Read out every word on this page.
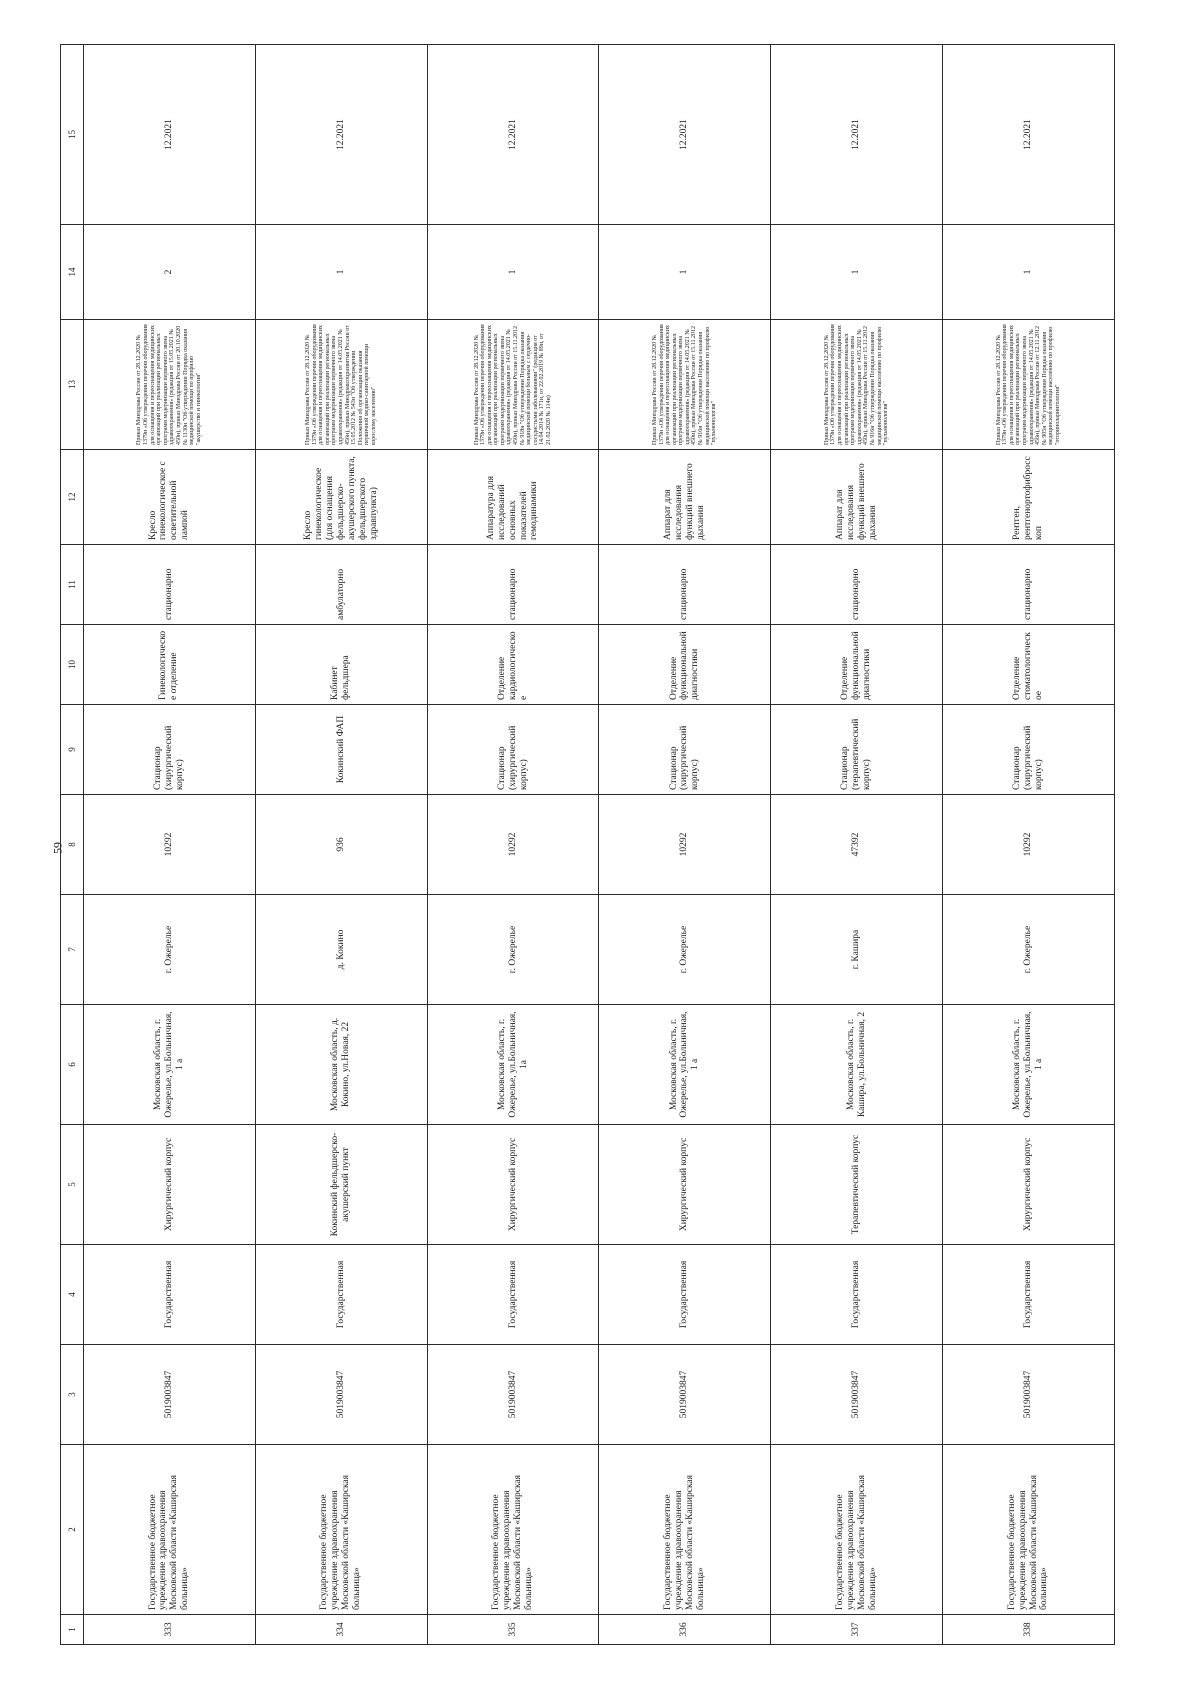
59
1	2	3	4	5	6	7	8	9	10	11	12	13	14	15
333	Государственное бюджетное учреждение здравоохранения Московской области «Каширская больница»	5019003847	Государственная	Хирургический корпус	Московская область, г. Ожерелье, ул.Больничная, 1 а	г. Ожерелье	10292	Стационар (хирургический корпус)	Гинекологическое отделение	стационарно	Кресло гинекологическое с осветительной лампой	Приказ Минздрава России от 28.12.2020 № 1379н «Об утверждении перечня оборудования для оснащения и переоснащения медицинских организаций при реализации региональных программ модернизации первичного звена здравоохранения» (редакция от 15.05.2021 № 450н), приказ Минздрава России от 20.10.2020 № 1130н "Об утверждении Порядка оказания медицинской помощи по профилю "акушерство и гинекология"	2	12.2021
334	Государственное бюджетное учреждение здравоохранения Московской области «Каширская больница»	5019003847	Государственная	Кокинский фельдшерско-акушерский пункт	Московская область, д. Кокино, ул.Новая, 22	д. Кокино	936	Кокинский ФАП	Кабинет фельдшера	амбулаторно	Кресло гинекологическое (для оснащения фельдшерско-акушерского пункта, фельдшерского здравпункта)	Приказ Минздрава России от 28.12.2020 № 1379н «Об утверждении перечня оборудования для оснащения и переоснащения медицинских организаций при реализации региональных программ модернизации первичного звена здравоохранения» (редакция от 14.05.2021 № 456н), приказ Минздравсоцразвития России от 15.05.2012 № 543н "Об утверждении Положения об организации оказания первичной медико-санитарной помощи взрослому населению"	1	12.2021
335	Государственное бюджетное учреждение здравоохранения Московской области «Каширская больница»	5019003847	Государственная	Хирургический корпус	Московская область, г. Ожерелье, ул.Больничная, 1а	г. Ожерелье	10292	Стационар (хирургический корпус)	Отделение кардиологическое	стационарно	Аппаратура для исследований основных показателей гемодинамики	Приказ Минздрава России от 28.12.2020 № 1379н «Об утверждении перечня оборудования для оснащения и переоснащения медицинских организаций при реализации региональных программ модернизации первичного звена здравоохранения» (редакция от 14.05.2021 № 450н), приказ Минздрава России от 15.11.2012 № 918н "Об утверждении Порядка оказания медицинской помощи больным с сердечно-сосудистыми заболеваниями" (редакция от 14.04.2014 № 171н, от 22.02.2019 № 89н, от 21.02.2020 № 114н)	1	12.2021
336	Государственное бюджетное учреждение здравоохранения Московской области «Каширская больница»	5019003847	Государственная	Хирургический корпус	Московская область, г. Ожерелье, ул.Больничная, 1 а	г. Ожерелье	10292	Стационар (хирургический корпус)	Отделение функциональной диагностики	стационарно	Аппарат для исследования функций внешнего дыхания	Приказ Минздрава России от 28.12.2020 № 1379н «Об утверждении перечня оборудования для оснащения и переоснащения медицинских организаций при реализации региональных программ модернизации первичного звена здравоохранения» (редакция от 14.05.2021 № 450н), приказ Минздрава России от 15.11.2012 № 916н "Об утверждении Порядка оказания медицинской помощи населению по профилю "пульмонология"	1	12.2021
337	Государственное бюджетное учреждение здравоохранения Московской области «Каширская больница»	5019003847	Государственная	Терапевтический корпус	Московская область, г. Кашира, ул.Больничная, 2	г. Кашира	47392	Стационар (терапевтический корпус)	Отделение функциональной диагностики	стационарно	Аппарат для исследования функций внешнего дыхания	Приказ Минздрава России от 28.12.2020 № 1379н «Об утверждении перечня оборудования для оснащения и переоснащения медицинских организаций при реализации региональных программ модернизации первичного звена здравоохранения» (редакция от 14.05.2021 № 450н), приказ Минздрава России от 15.11.2012 № 916н "Об утверждении Порядка оказания медицинской помощи населению по профилю "пульмонология"	1	12.2021
338	Государственное бюджетное учреждение здравоохранения Московской области «Каширская больница»	5019003847	Государственная	Хирургический корпус	Московская область, г. Ожерелье, ул.Больничная, 1 а	г. Ожерелье	10292	Стационар (хирургический корпус)	Отделение стоматологическое	стационарно	Рентген, рентгенортофибросскоп	Приказ Минздрава России от 28.12.2020 № 1379н «Об утверждении перечня оборудования для оснащения и переоснащения медицинских организаций при реализации региональных программ модернизации первичного звена здравоохранения» (редакция от 14.05.2021 № 456н), приказ Минздрава России от 12.11.2012 № 905н "Об утверждении Порядка оказания медицинской помощи населению по профилю "оториноларингология"	1	12.2021
